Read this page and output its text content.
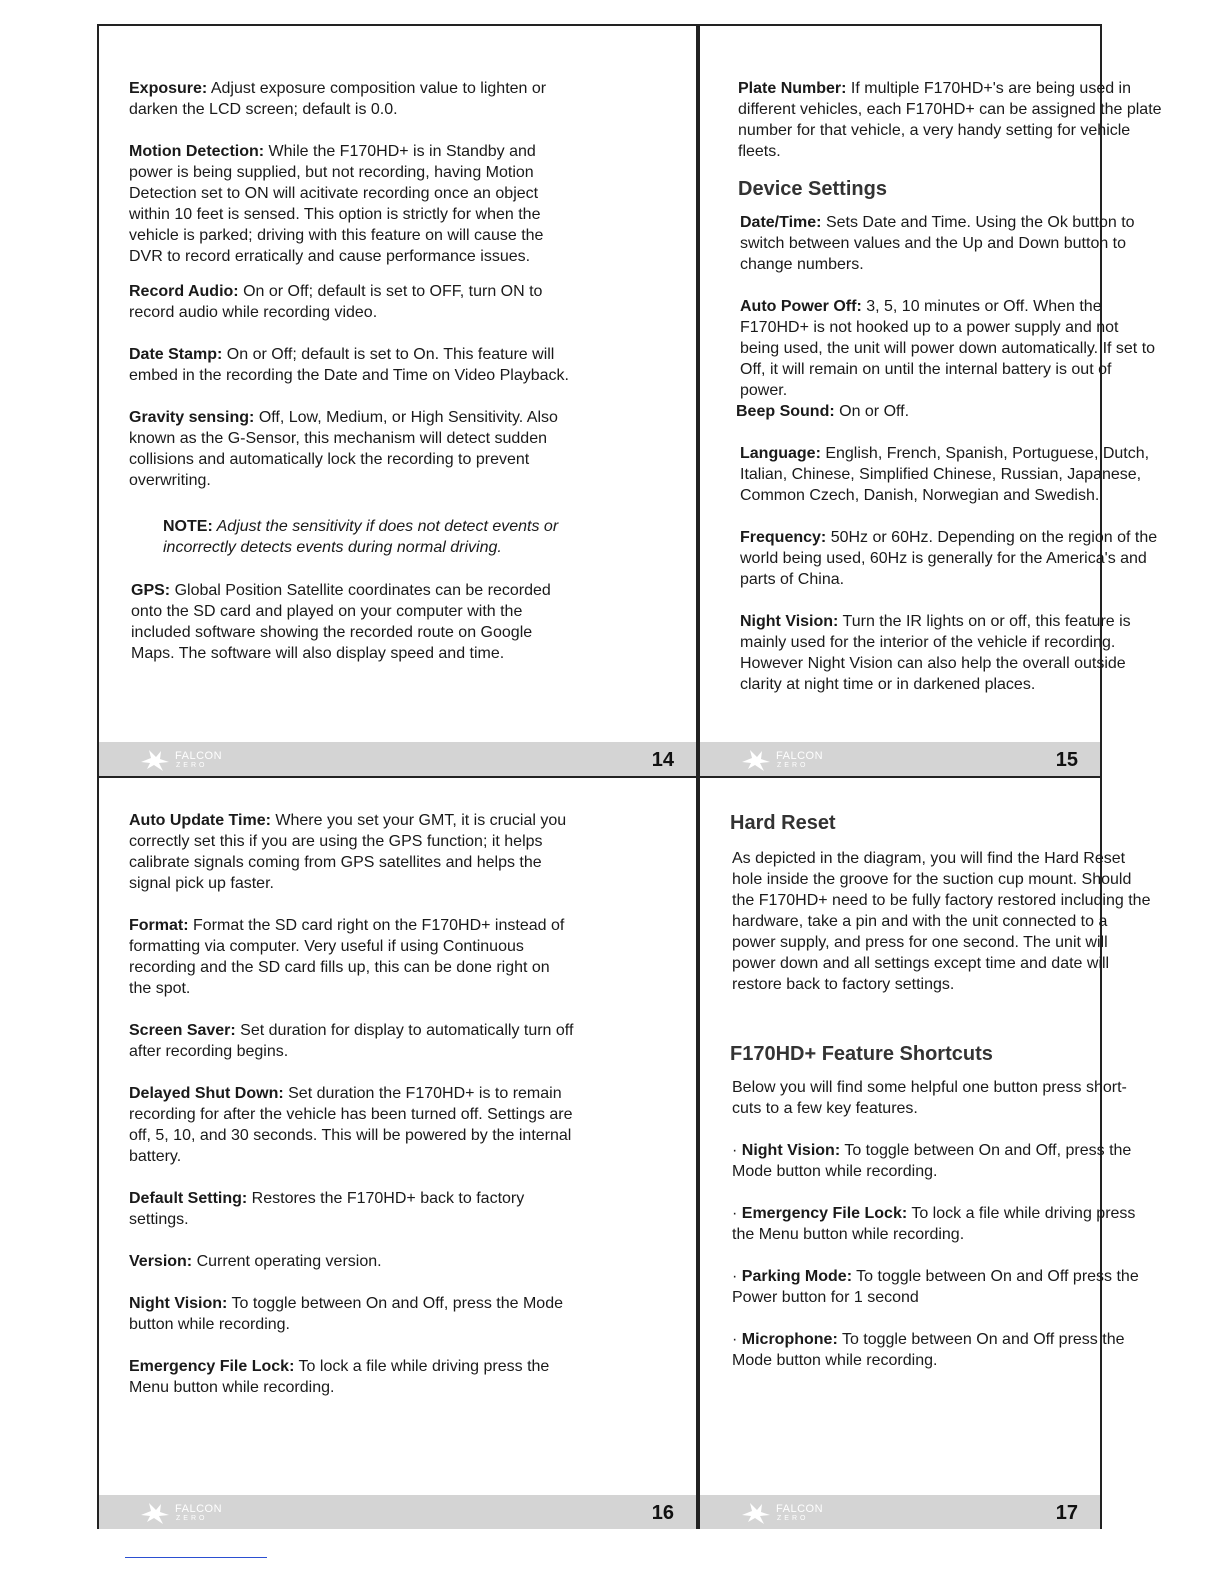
Exposure: Adjust exposure composition value to lighten or darken the LCD screen; default is 0.0.

Motion Detection: While the F170HD+ is in Standby and power is being supplied, but not recording, having Motion Detection set to ON will acitivate recording once an object within 10 feet is sensed. This option is strictly for when the vehicle is parked; driving with this feature on will cause the DVR to record erratically and cause performance issues.

Record Audio: On or Off; default is set to OFF, turn ON to record audio while recording video.

Date Stamp: On or Off; default is set to On. This feature will embed in the recording the Date and Time on Video Playback.

Gravity sensing: Off, Low, Medium, or High Sensitivity. Also known as the G-Sensor, this mechanism will detect sudden collisions and automatically lock the recording to prevent overwriting.

NOTE: Adjust the sensitivity if does not detect events or incorrectly detects events during normal driving.

GPS: Global Position Satellite coordinates can be recorded onto the SD card and played on your computer with the included software showing the recorded route on Google Maps. The software will also display speed and time.

FALCON
ZERO	14

Plate Number: If multiple F170HD+'s are being used in different vehicles, each F170HD+ can be assigned the plate number for that vehicle, a very handy setting for vehicle fleets.

Device Settings

Date/Time: Sets Date and Time. Using the Ok button to switch between values and the Up and Down button to change numbers.

Auto Power Off: 3, 5, 10 minutes or Off. When the F170HD+ is not hooked up to a power supply and not being used, the unit will power down automatically. If set to Off, it will remain on until the internal battery is out of power.

Beep Sound: On or Off.

Language: English, French, Spanish, Portuguese, Dutch, Italian, Chinese, Simplified Chinese, Russian, Japanese, Common Czech, Danish, Norwegian and Swedish.

Frequency: 50Hz or 60Hz. Depending on the region of the world being used, 60Hz is generally for the America's and parts of China.

Night Vision: Turn the IR lights on or off, this feature is mainly used for the interior of the vehicle if recording. However Night Vision can also help the overall outside clarity at night time or in darkened places.

FALCON
ZERO	15

Auto Update Time: Where you set your GMT, it is crucial you correctly set this if you are using the GPS function; it helps calibrate signals coming from GPS satellites and helps the signal pick up faster.

Format: Format the SD card right on the F170HD+ instead of formatting via computer. Very useful if using Continuous recording and the SD card fills up, this can be done right on the spot.

Screen Saver: Set duration for display to automatically turn off after recording begins.

Delayed Shut Down: Set duration the F170HD+ is to remain recording for after the vehicle has been turned off. Settings are off, 5, 10, and 30 seconds. This will be powered by the internal battery.

Default Setting: Restores the F170HD+ back to factory settings.

Version: Current operating version.

Night Vision: To toggle between On and Off, press the Mode button while recording.

Emergency File Lock: To lock a file while driving press the Menu button while recording.

FALCON
ZERO	16
Hard Reset

As depicted in the diagram, you will find the Hard Reset hole inside the groove for the suction cup mount. Should the F170HD+ need to be fully factory restored including the hardware, take a pin and with the unit connected to a power supply, and press for one second. The unit will power down and all settings except time and date will restore back to factory settings.

F170HD+ Feature Shortcuts

Below you will find some helpful one button press short-cuts to a few key features.

· Night Vision: To toggle between On and Off, press the Mode button while recording.

· Emergency File Lock: To lock a file while driving press the Menu button while recording.

· Parking Mode: To toggle between On and Off press the Power button for 1 second

· Microphone: To toggle between On and Off press the Mode button while recording.

FALCON
ZERO	17
